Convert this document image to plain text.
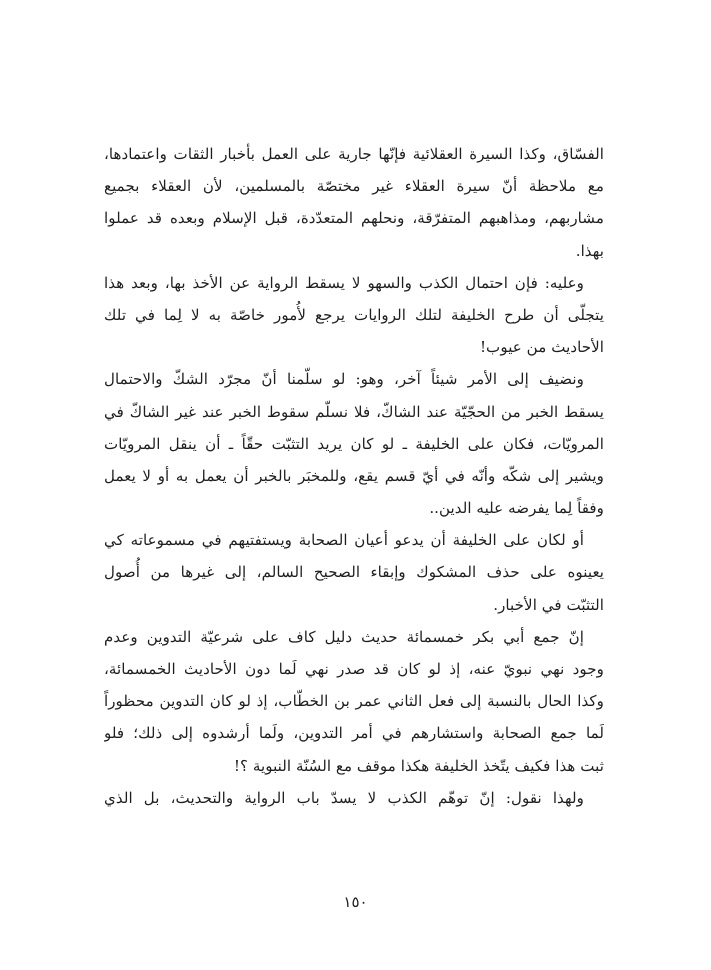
الفسّاق، وكذا السيرة العقلائية فإنّها جارية على العمل بأخبار الثقات واعتمادها،
مع ملاحظة أنّ سيرة العقلاء غير مختصّة بالمسلمين، لأن العقلاء بجميع
مشاربهم، ومذاهبهم المتفرّقة، ونحلهم المتعدّدة، قبل الإسلام وبعده قد عملوا
بهذا.
وعليه: فإن احتمال الكذب والسهو لا يسقط الرواية عن الأخذ بها، وبعد هذا
يتجلّى أن طرح الخليفة لتلك الروايات يرجع لأُمور خاصّة به لا لِما في تلك
الأحاديث من عيوب!
ونضيف إلى الأمر شيئاً آخر، وهو: لو سلّمنا أنّ مجرّد الشكّ والاحتمال
يسقط الخبر من الحجّيّة عند الشاكّ، فلا نسلّم سقوط الخبر عند غير الشاكّ في
المرويّات، فكان على الخليفة ـ لو كان يريد التثبّت حقّاً ـ أن ينقل المرويّات
ويشير إلى شكّه وأنّه في أيّ قسم يقع، وللمخبَر بالخبر أن يعمل به أو لا يعمل
وفقاً لِما يفرضه عليه الدين..
أو لكان على الخليفة أن يدعو أعيان الصحابة ويستفتيهم في مسموعاته كي
يعينوه على حذف المشكوك وإبقاء الصحيح السالم، إلى غيرها من أُصول
التثبّت في الأخبار.
إنّ جمع أبي بكر خمسمائة حديث دليل كاف على شرعيّة التدوين وعدم
وجود نهي نبويّ عنه، إذ لو كان قد صدر نهي لَما دون الأحاديث الخمسمائة،
وكذا الحال بالنسبة إلى فعل الثاني عمر بن الخطّاب، إذ لو كان التدوين محظوراً
لَما جمع الصحابة واستشارهم في أمر التدوين، ولَما أرشدوه إلى ذلك؛ فلو
ثبت هذا فكيف يتّخذ الخليفة هكذا موقف مع السُنّة النبوية ؟!
ولهذا نقول: إنّ توهّم الكذب لا يسدّ باب الرواية والتحديث، بل الذي
١٥٠
